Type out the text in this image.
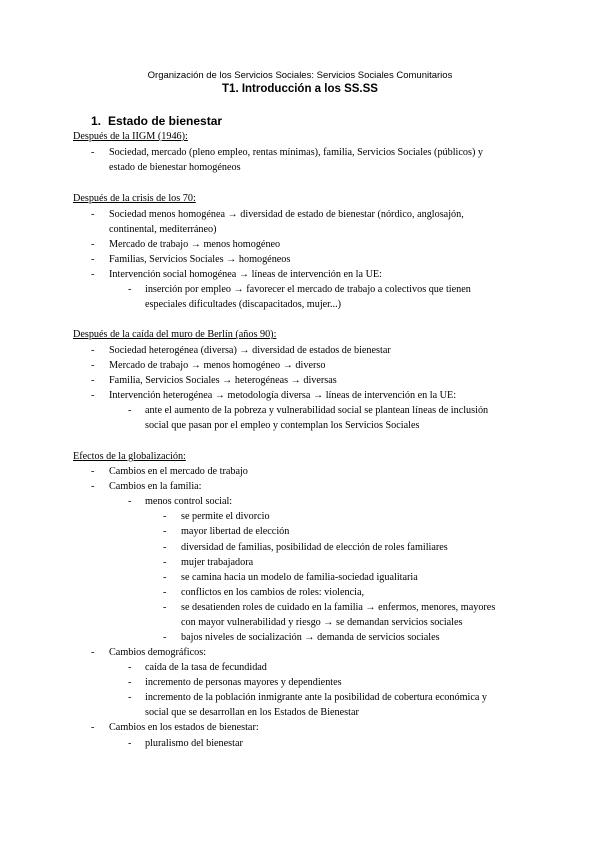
Organización de los Servicios Sociales: Servicios Sociales Comunitarios
T1. Introducción a los SS.SS
1. Estado de bienestar
Después de la IIGM (1946):
- Sociedad, mercado (pleno empleo, rentas mínimas), familia, Servicios Sociales (públicos) y
estado de bienestar homogéneos
Después de la crisis de los 70:
- Sociedad menos homogénea → diversidad de estado de bienestar (nórdico, anglosajón,
continental, mediterráneo)
- Mercado de trabajo → menos homogéneo
- Familias, Servicios Sociales → homogéneos
- Intervención social homogénea → líneas de intervención en la UE:
- inserción por empleo → favorecer el mercado de trabajo a colectivos que tienen
especiales dificultades (discapacitados, mujer...)
Después de la caída del muro de Berlín (años 90):
- Sociedad heterogénea (diversa) → diversidad de estados de bienestar
- Mercado de trabajo → menos homogéneo → diverso
- Familia, Servicios Sociales → heterogéneas → diversas
- Intervención heterogénea → metodología diversa → líneas de intervención en la UE:
- ante el aumento de la pobreza y vulnerabilidad social se plantean líneas de inclusión
social que pasan por el empleo y contemplan los Servicios Sociales
Efectos de la globalización:
- Cambios en el mercado de trabajo
- Cambios en la familia:
- menos control social:
- se permite el divorcio
- mayor libertad de elección
- diversidad de familias, posibilidad de elección de roles familiares
- mujer trabajadora
- se camina hacia un modelo de familia-sociedad igualitaria
- conflictos en los cambios de roles: violencia,
- se desatienden roles de cuidado en la familia → enfermos, menores, mayores
con mayor vulnerabilidad y riesgo → se demandan servicios sociales
- bajos niveles de socialización → demanda de servicios sociales
- Cambios demográficos:
- caída de la tasa de fecundidad
- incremento de personas mayores y dependientes
- incremento de la población inmigrante ante la posibilidad de cobertura económica y
social que se desarrollan en los Estados de Bienestar
- Cambios en los estados de bienestar:
- pluralismo del bienestar
